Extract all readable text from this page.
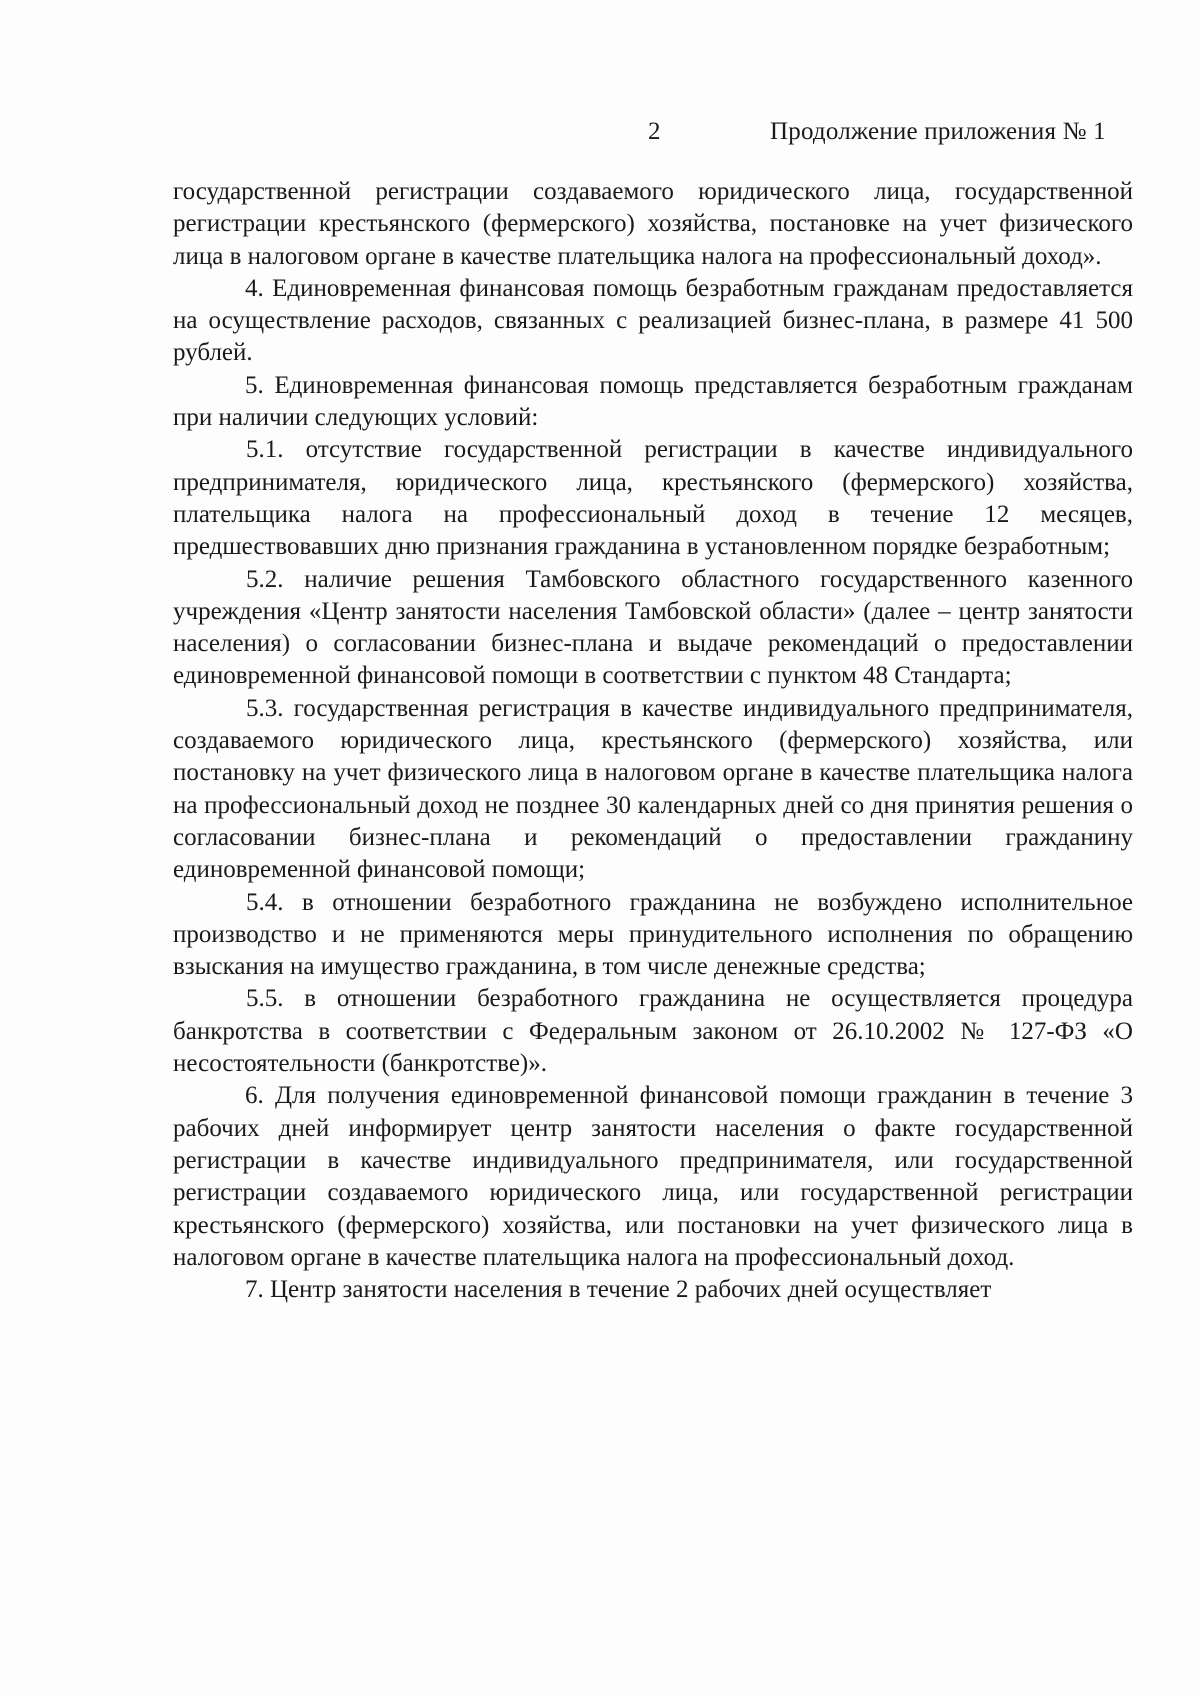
2	Продолжение приложения № 1

государственной регистрации создаваемого юридического лица, государственной регистрации крестьянского (фермерского) хозяйства, постановке на учет физического лица в налоговом органе в качестве плательщика налога на профессиональный доход».

4. Единовременная финансовая помощь безработным гражданам предоставляется на осуществление расходов, связанных с реализацией бизнес-плана, в размере 41 500 рублей.

5. Единовременная финансовая помощь представляется безработным гражданам при наличии следующих условий:

5.1. отсутствие государственной регистрации в качестве индивидуального предпринимателя, юридического лица, крестьянского (фермерского) хозяйства, плательщика налога на профессиональный доход в течение 12 месяцев, предшествовавших дню признания гражданина в установленном порядке безработным;

5.2. наличие решения Тамбовского областного государственного казенного учреждения «Центр занятости населения Тамбовской области» (далее – центр занятости населения) о согласовании бизнес-плана и выдаче рекомендаций о предоставлении единовременной финансовой помощи в соответствии с пунктом 48 Стандарта;

5.3. государственная регистрация в качестве индивидуального предпринимателя, создаваемого юридического лица, крестьянского (фермерского) хозяйства, или постановку на учет физического лица в налоговом органе в качестве плательщика налога на профессиональный доход не позднее 30 календарных дней со дня принятия решения о согласовании бизнес-плана и рекомендаций о предоставлении гражданину единовременной финансовой помощи;

5.4. в отношении безработного гражданина не возбуждено исполнительное производство и не применяются меры принудительного исполнения по обращению взыскания на имущество гражданина, в том числе денежные средства;

5.5. в отношении безработного гражданина не осуществляется процедура банкротства в соответствии с Федеральным законом от 26.10.2002 № 127-ФЗ «О несостоятельности (банкротстве)».

6. Для получения единовременной финансовой помощи гражданин в течение 3 рабочих дней информирует центр занятости населения о факте государственной регистрации в качестве индивидуального предпринимателя, или государственной регистрации создаваемого юридического лица, или государственной регистрации крестьянского (фермерского) хозяйства, или постановки на учет физического лица в налоговом органе в качестве плательщика налога на профессиональный доход.

7. Центр занятости населения в течение 2 рабочих дней осуществляет
